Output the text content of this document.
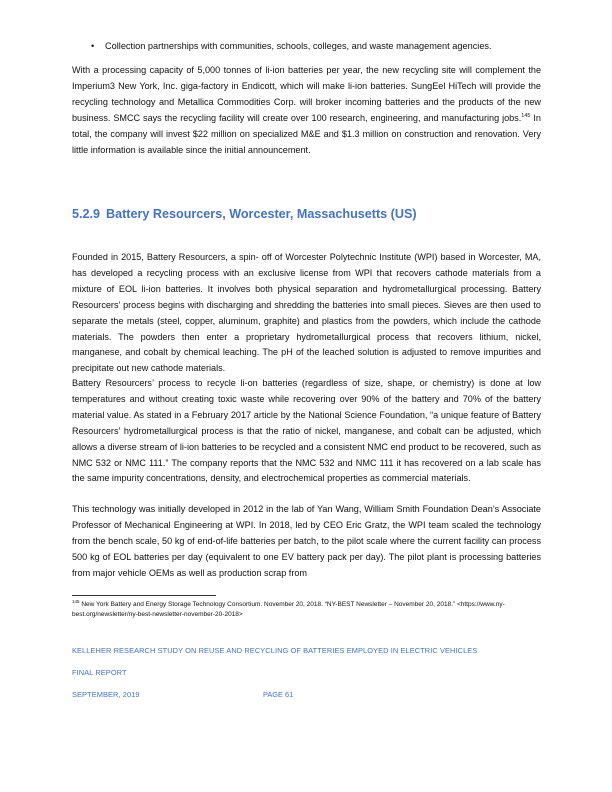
• Collection partnerships with communities, schools, colleges, and waste management agencies.

With a processing capacity of 5,000 tonnes of li-ion batteries per year, the new recycling site will complement the Imperium3 New York, Inc. giga-factory in Endicott, which will make li-ion batteries. SungEel HiTech will provide the recycling technology and Metallica Commodities Corp. will broker incoming batteries and the products of the new business. SMCC says the recycling facility will create over 100 research, engineering, and manufacturing jobs.$^{145}$ In total, the company will invest $22 million on specialized M&E and $1.3 million on construction and renovation. Very little information is available since the initial announcement.

5.2.9 Battery Resourcers, Worcester, Massachusetts (US)

Founded in 2015, Battery Resourcers, a spin- off of Worcester Polytechnic Institute (WPI) based in Worcester, MA, has developed a recycling process with an exclusive license from WPI that recovers cathode materials from a mixture of EOL li-ion batteries. It involves both physical separation and hydrometallurgical processing. Battery Resourcers’ process begins with discharging and shredding the batteries into small pieces. Sieves are then used to separate the metals (steel, copper, aluminum, graphite) and plastics from the powders, which include the cathode materials. The powders then enter a proprietary hydrometallurgical process that recovers lithium, nickel, manganese, and cobalt by chemical leaching. The pH of the leached solution is adjusted to remove impurities and precipitate out new cathode materials.

Battery Resourcers’ process to recycle li-on batteries (regardless of size, shape, or chemistry) is done at low temperatures and without creating toxic waste while recovering over 90% of the battery and 70% of the battery material value. As stated in a February 2017 article by the National Science Foundation, “a unique feature of Battery Resourcers’ hydrometallurgical process is that the ratio of nickel, manganese, and cobalt can be adjusted, which allows a diverse stream of li-ion batteries to be recycled and a consistent NMC end product to be recovered, such as NMC 532 or NMC 111.” The company reports that the NMC 532 and NMC 111 it has recovered on a lab scale has the same impurity concentrations, density, and electrochemical properties as commercial materials.

This technology was initially developed in 2012 in the lab of Yan Wang, William Smith Foundation Dean’s Associate Professor of Mechanical Engineering at WPI. In 2018, led by CEO Eric Gratz, the WPI team scaled the technology from the bench scale, 50 kg of end-of-life batteries per batch, to the pilot scale where the current facility can process 500 kg of EOL batteries per day (equivalent to one EV battery pack per day). The pilot plant is processing batteries from major vehicle OEMs as well as production scrap from

$^{145}$ New York Battery and Energy Storage Technology Consortium. November 20, 2018. “NY-BEST Newsletter – November 20, 2018.” <https://www.ny-best.org/newsletter/ny-best-newsletter-november-20-2018>
KELLEHER RESEARCH STUDY ON REUSE AND RECYCLING OF BATTERIES EMPLOYED IN ELECTRIC VEHICLES
FINAL REPORT
SEPTEMBER, 2019	PAGE 61
